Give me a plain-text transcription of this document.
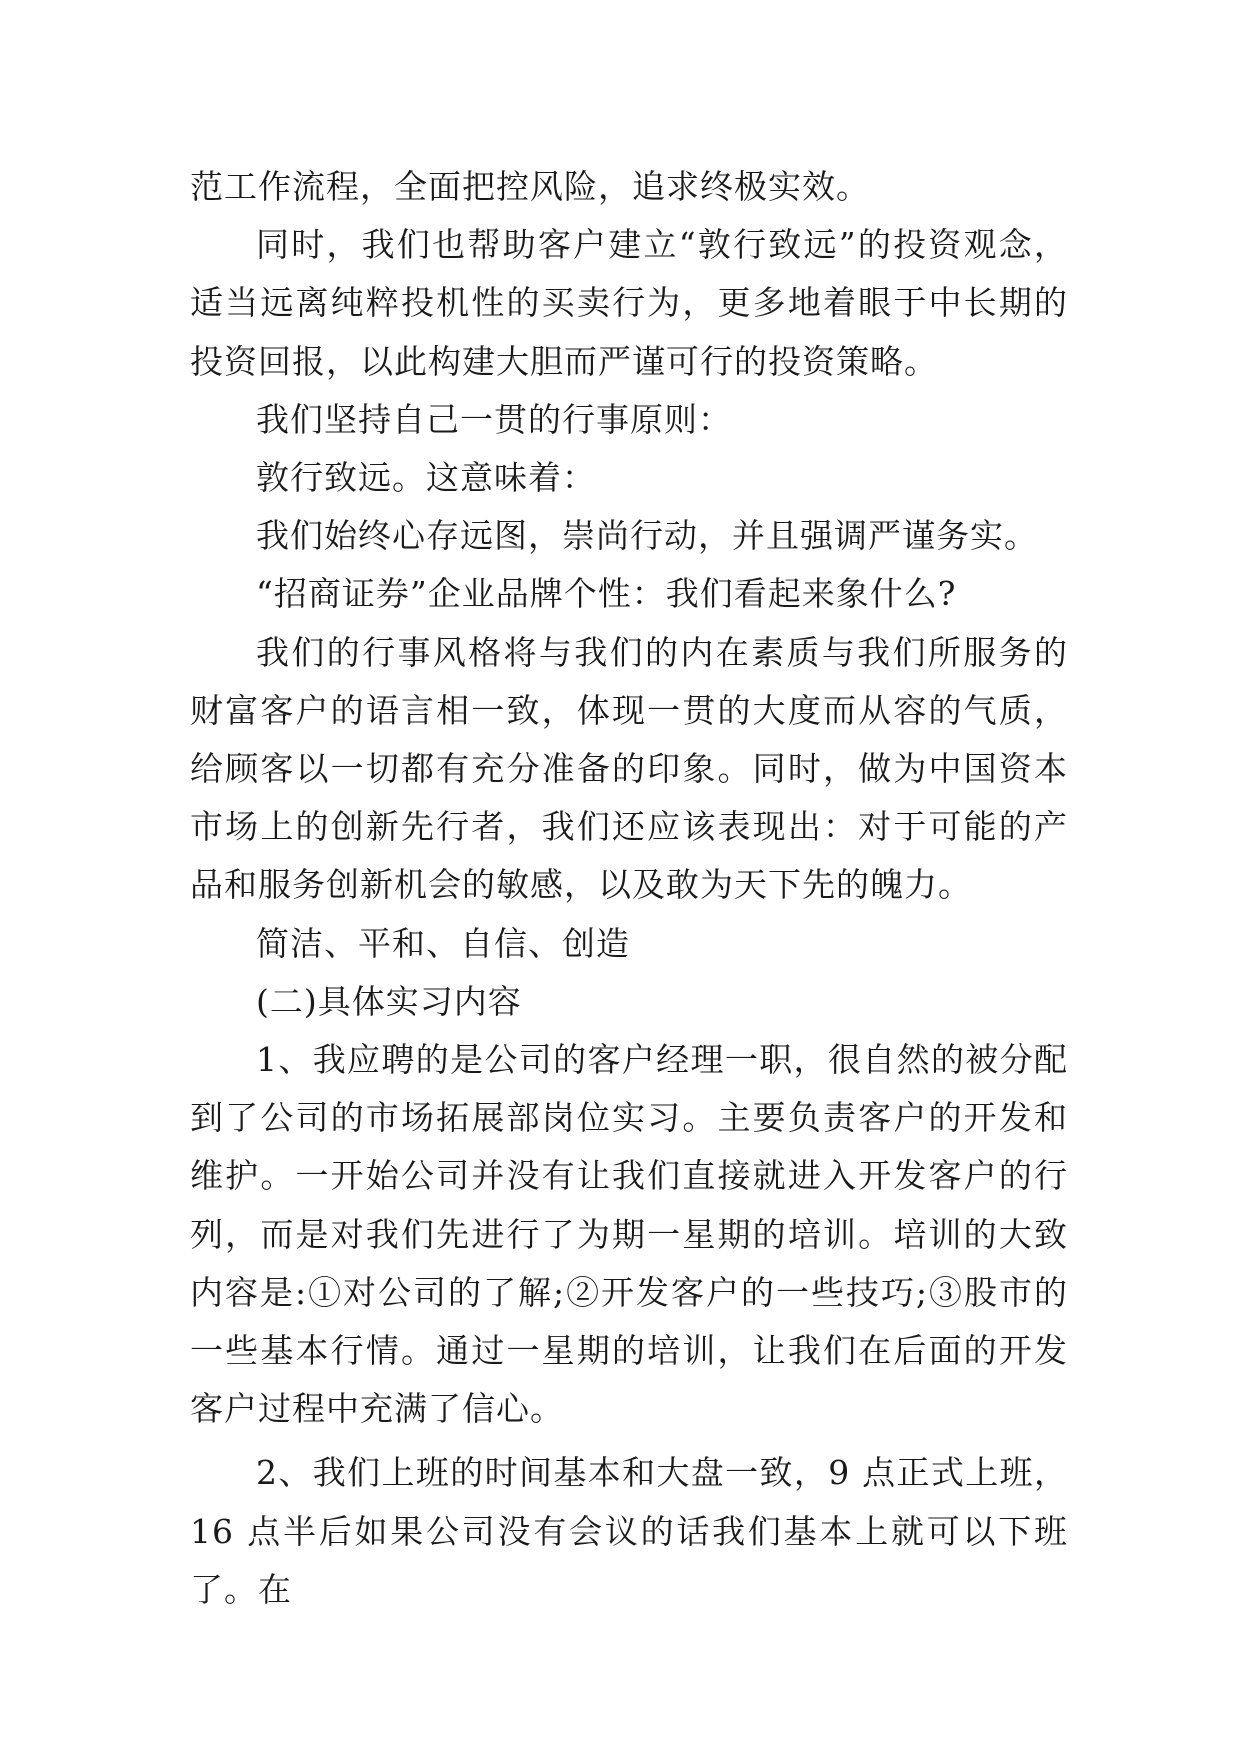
范工作流程，全面把控风险，追求终极实效。

同时，我们也帮助客户建立“敦行致远”的投资观念，适当远离纯粹投机性的买卖行为，更多地着眼于中长期的投资回报，以此构建大胆而严谨可行的投资策略。

我们坚持自己一贯的行事原则：

敦行致远。这意味着：

我们始终心存远图，崇尚行动，并且强调严谨务实。

“招商证券”企业品牌个性：我们看起来象什么?

我们的行事风格将与我们的内在素质与我们所服务的财富客户的语言相一致，体现一贯的大度而从容的气质，给顾客以一切都有充分准备的印象。同时，做为中国资本市场上的创新先行者，我们还应该表现出：对于可能的产品和服务创新机会的敏感，以及敢为天下先的魄力。

简洁、平和、自信、创造

(二)具体实习内容

1、我应聘的是公司的客户经理一职，很自然的被分配到了公司的市场拓展部岗位实习。主要负责客户的开发和维护。一开始公司并没有让我们直接就进入开发客户的行列，而是对我们先进行了为期一星期的培训。培训的大致内容是:①对公司的了解;②开发客户的一些技巧;③股市的一些基本行情。通过一星期的培训，让我们在后面的开发客户过程中充满了信心。

2、我们上班的时间基本和大盘一致，9 点正式上班，16 点半后如果公司没有会议的话我们基本上就可以下班了。在
